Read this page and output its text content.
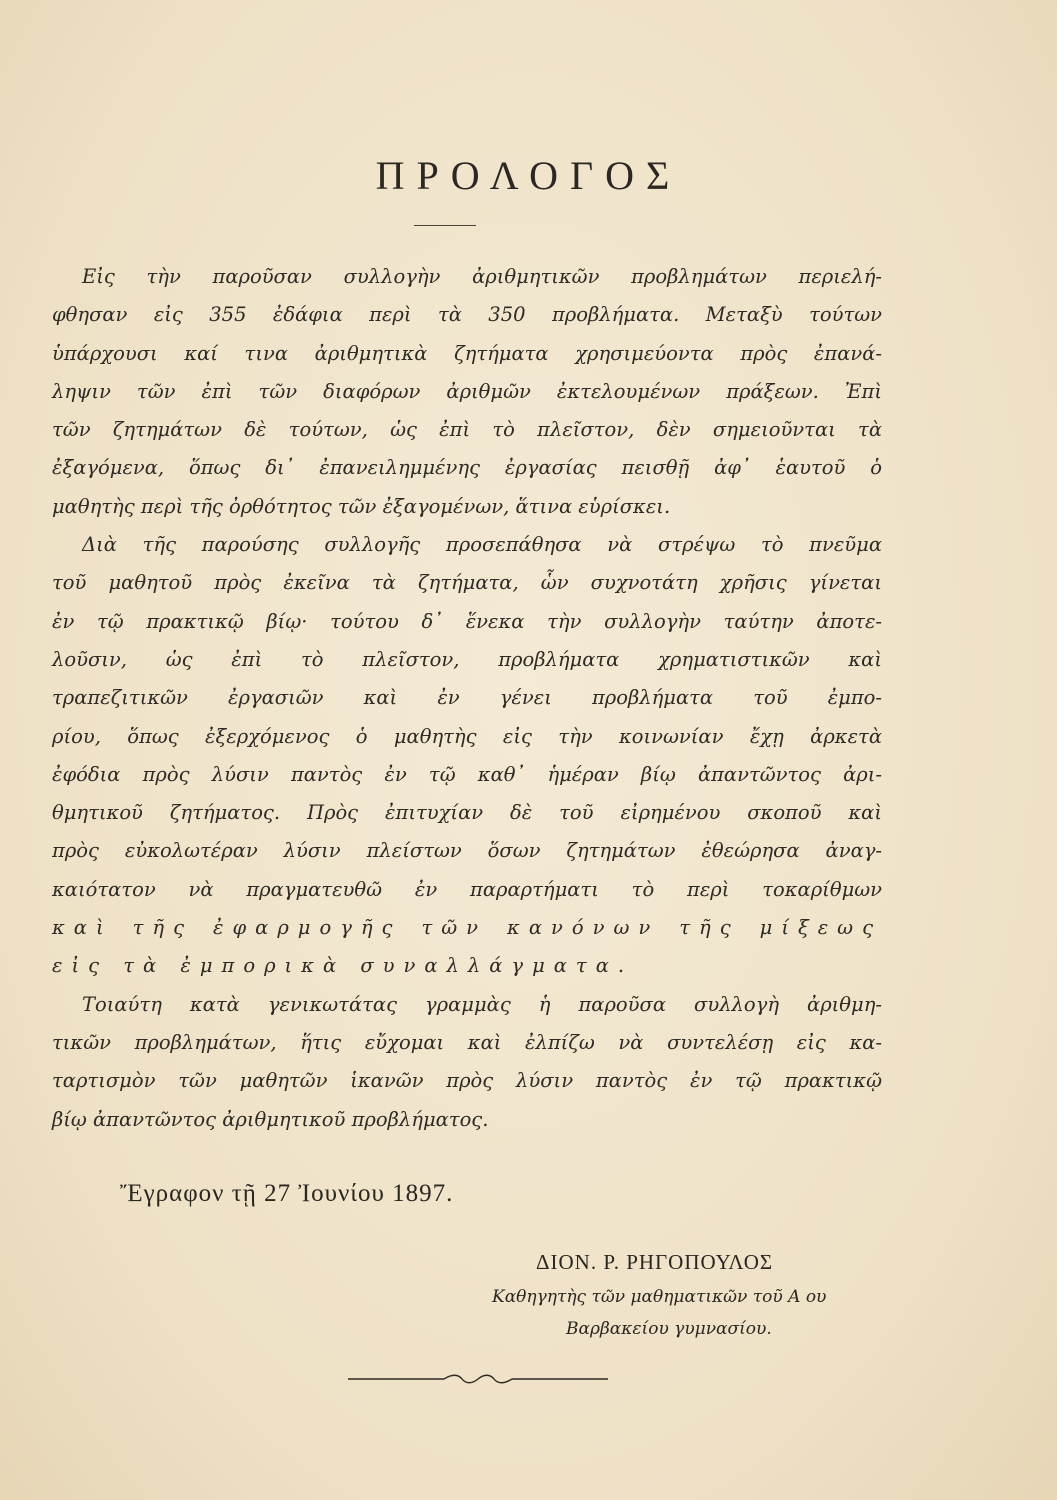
ΠΡΟΛΟΓΟΣ
Εἰς τὴν παροῦσαν συλλογὴν ἀριθμητικῶν προβλημάτων περιελή-
φθησαν εἰς 355 ἐδάφια περὶ τὰ 350 προβλήματα. Μεταξὺ τούτων
ὑπάρχουσι καί τινα ἀριθμητικὰ ζητήματα χρησιμεύοντα πρὸς ἐπανά-
ληψιν τῶν ἐπὶ τῶν διαφόρων ἀριθμῶν ἐκτελουμένων πράξεων. Ἐπὶ
τῶν ζητημάτων δὲ τούτων, ὡς ἐπὶ τὸ πλεῖστον, δὲν σημειοῦνται τὰ
ἐξαγόμενα, ὅπως δι᾽ ἐπανειλημμένης ἐργασίας πεισθῇ ἀφ᾽ ἑαυτοῦ ὁ
μαθητὴς περὶ τῆς ὀρθότητος τῶν ἐξαγομένων, ἅτινα εὑρίσκει.
Διὰ τῆς παρούσης συλλογῆς προσεπάθησα νὰ στρέψω τὸ πνεῦμα
τοῦ μαθητοῦ πρὸς ἐκεῖνα τὰ ζητήματα, ὧν συχνοτάτη χρῆσις γίνεται
ἐν τῷ πρακτικῷ βίῳ· τούτου δ᾽ ἕνεκα τὴν συλλογὴν ταύτην ἀποτε-
λοῦσιν, ὡς ἐπὶ τὸ πλεῖστον, προβλήματα χρηματιστικῶν καὶ
τραπεζιτικῶν ἐργασιῶν καὶ ἐν γένει προβλήματα τοῦ ἐμπο-
ρίου, ὅπως ἐξερχόμενος ὁ μαθητὴς εἰς τὴν κοινωνίαν ἔχῃ ἀρκετὰ
ἐφόδια πρὸς λύσιν παντὸς ἐν τῷ καθ᾽ ἡμέραν βίῳ ἀπαντῶντος ἀρι-
θμητικοῦ ζητήματος. Πρὸς ἐπιτυχίαν δὲ τοῦ εἰρημένου σκοποῦ καὶ
πρὸς εὐκολωτέραν λύσιν πλείστων ὅσων ζητημάτων ἐθεώρησα ἀναγ-
καιότατον νὰ πραγματευθῶ ἐν παραρτήματι τὸ περὶ τοκαρίθμων
καὶ τῆς ἐφαρμογῆς τῶν κανόνων τῆς μίξεως
εἰς τὰ ἐμπορικὰ συναλλάγματα.
Τοιαύτη κατὰ γενικωτάτας γραμμὰς ἡ παροῦσα συλλογὴ ἀριθμη-
τικῶν προβλημάτων, ἥτις εὔχομαι καὶ ἐλπίζω νὰ συντελέσῃ εἰς κα-
ταρτισμὸν τῶν μαθητῶν ἱκανῶν πρὸς λύσιν παντὸς ἐν τῷ πρακτικῷ
βίῳ ἀπαντῶντος ἀριθμητικοῦ προβλήματος.
Ἔγραφον τῇ 27 Ἰουνίου 1897.
ΔΙΟΝ. Ρ. ΡΗΓΟΠΟΥΛΟΣ
Καθηγητὴς τῶν μαθηματικῶν τοῦ Α ου
Βαρβακείου γυμνασίου.
